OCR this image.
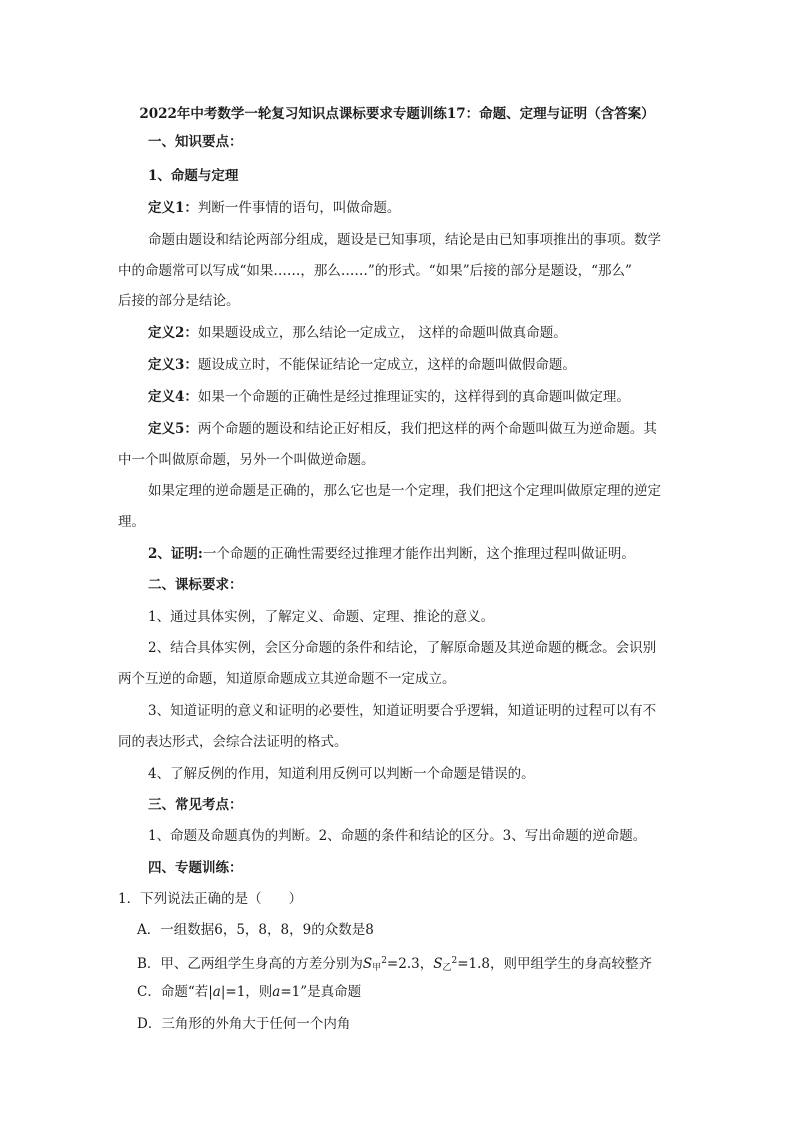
2022年中考数学一轮复习知识点课标要求专题训练17：命题、定理与证明（含答案）
一、知识要点：
1、命题与定理
定义1：判断一件事情的语句，叫做命题。
命题由题设和结论两部分组成，题设是已知事项，结论是由已知事项推出的事项。数学
中的命题常可以写成“如果……，那么……”的形式。“如果”后接的部分是题设，“那么”
后接的部分是结论。
定义2：如果题设成立，那么结论一定成立， 这样的命题叫做真命题。
定义3：题设成立时，不能保证结论一定成立，这样的命题叫做假命题。
定义4：如果一个命题的正确性是经过推理证实的，这样得到的真命题叫做定理。
定义5：两个命题的题设和结论正好相反，我们把这样的两个命题叫做互为逆命题。其
中一个叫做原命题，另外一个叫做逆命题。
如果定理的逆命题是正确的，那么它也是一个定理，我们把这个定理叫做原定理的逆定
理。
2、证明:一个命题的正确性需要经过推理才能作出判断，这个推理过程叫做证明。
二、课标要求：
1、通过具体实例，了解定义、命题、定理、推论的意义。
2、结合具体实例，会区分命题的条件和结论，了解原命题及其逆命题的概念。会识别
两个互逆的命题，知道原命题成立其逆命题不一定成立。
3、知道证明的意义和证明的必要性，知道证明要合乎逻辑，知道证明的过程可以有不
同的表达形式，会综合法证明的格式。
4、了解反例的作用，知道利用反例可以判断一个命题是错误的。
三、常见考点：
1、命题及命题真伪的判断。2、命题的条件和结论的区分。3、写出命题的逆命题。
四、专题训练：
1．下列说法正确的是（　　）
A．一组数据6，5，8，8，9的众数是8
B．甲、乙两组学生身高的方差分别为$S_甲^2=2.3$，$S_乙^2=1.8$，则甲组学生的身高较整齐
C．命题“若|a|=1，则a=1”是真命题
D．三角形的外角大于任何一个内角
